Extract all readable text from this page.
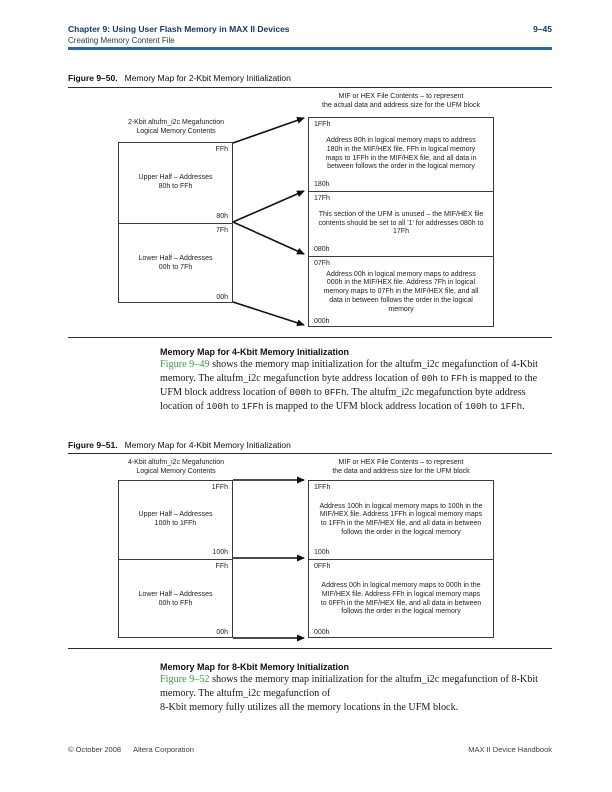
Chapter 9: Using User Flash Memory in MAX II Devices	9–45
Creating Memory Content File
Figure 9–50. Memory Map for 2-Kbit Memory Initialization
MIF or HEX File Contents – to represent
the actual data and address size for the UFM block
2-Kbit altufm_i2c Megafunction
Logical Memory Contents
FFh
Upper Half – Addresses
80h to FFh
80h
7Fh
Lower Half – Addresses
00h to 7Fh
00h
1FFh
Address 80h in logical memory maps to address 180h in the MIF/HEX file. FFh in logical memory maps to 1FFh in the MIF/HEX file, and all data in between follows the order in the logical memory
180h
17Fh
This section of the UFM is unused – the MIF/HEX file contents should be set to all '1' for addresses 080h to 17Fh
080h
07Fh
Address 00h in logical memory maps to address 000h in the MIF/HEX file. Address 7Fh in logical memory maps to 07Fh in the MIF/HEX file, and all data in between follows the order in the logical memory
000h
Memory Map for 4-Kbit Memory Initialization

Figure 9–49 shows the memory map initialization for the altufm_i2c megafunction of 4-Kbit memory. The altufm_i2c megafunction byte address location of 00h to FFh is mapped to the UFM block address location of 000h to 0FFh. The altufm_i2c megafunction byte address location of 100h to 1FFh is mapped to the UFM block address location of 100h to 1FFh.

Figure 9–51. Memory Map for 4-Kbit Memory Initialization
4-Kbit altufm_i2c Megafunction
Logical Memory Contents
MIF or HEX File Contents – to represent
the data and address size for the UFM block
1FFh
Upper Half – Addresses
100h to 1FFh
100h
FFh
Lower Half – Addresses
00h to FFh
00h
1FFh
Address 100h in logical memory maps to 100h in the MIF/HEX file. Address 1FFh in logical memory maps to 1FFh in the MIF/HEX file, and all data in between follows the order in the logical memory
100h
0FFh
Address 00h in logical memory maps to 000h in the MIF/HEX file. Address FFh in logical memory maps to 0FFh in the MIF/HEX file, and all data in between follows the order in the logical memory
000h
Memory Map for 8-Kbit Memory Initialization

Figure 9–52 shows the memory map initialization for the altufm_i2c megafunction of 8-Kbit memory. The altufm_i2c megafunction of
8-Kbit memory fully utilizes all the memory locations in the UFM block.

© October 2008 Altera Corporation	MAX II Device Handbook
